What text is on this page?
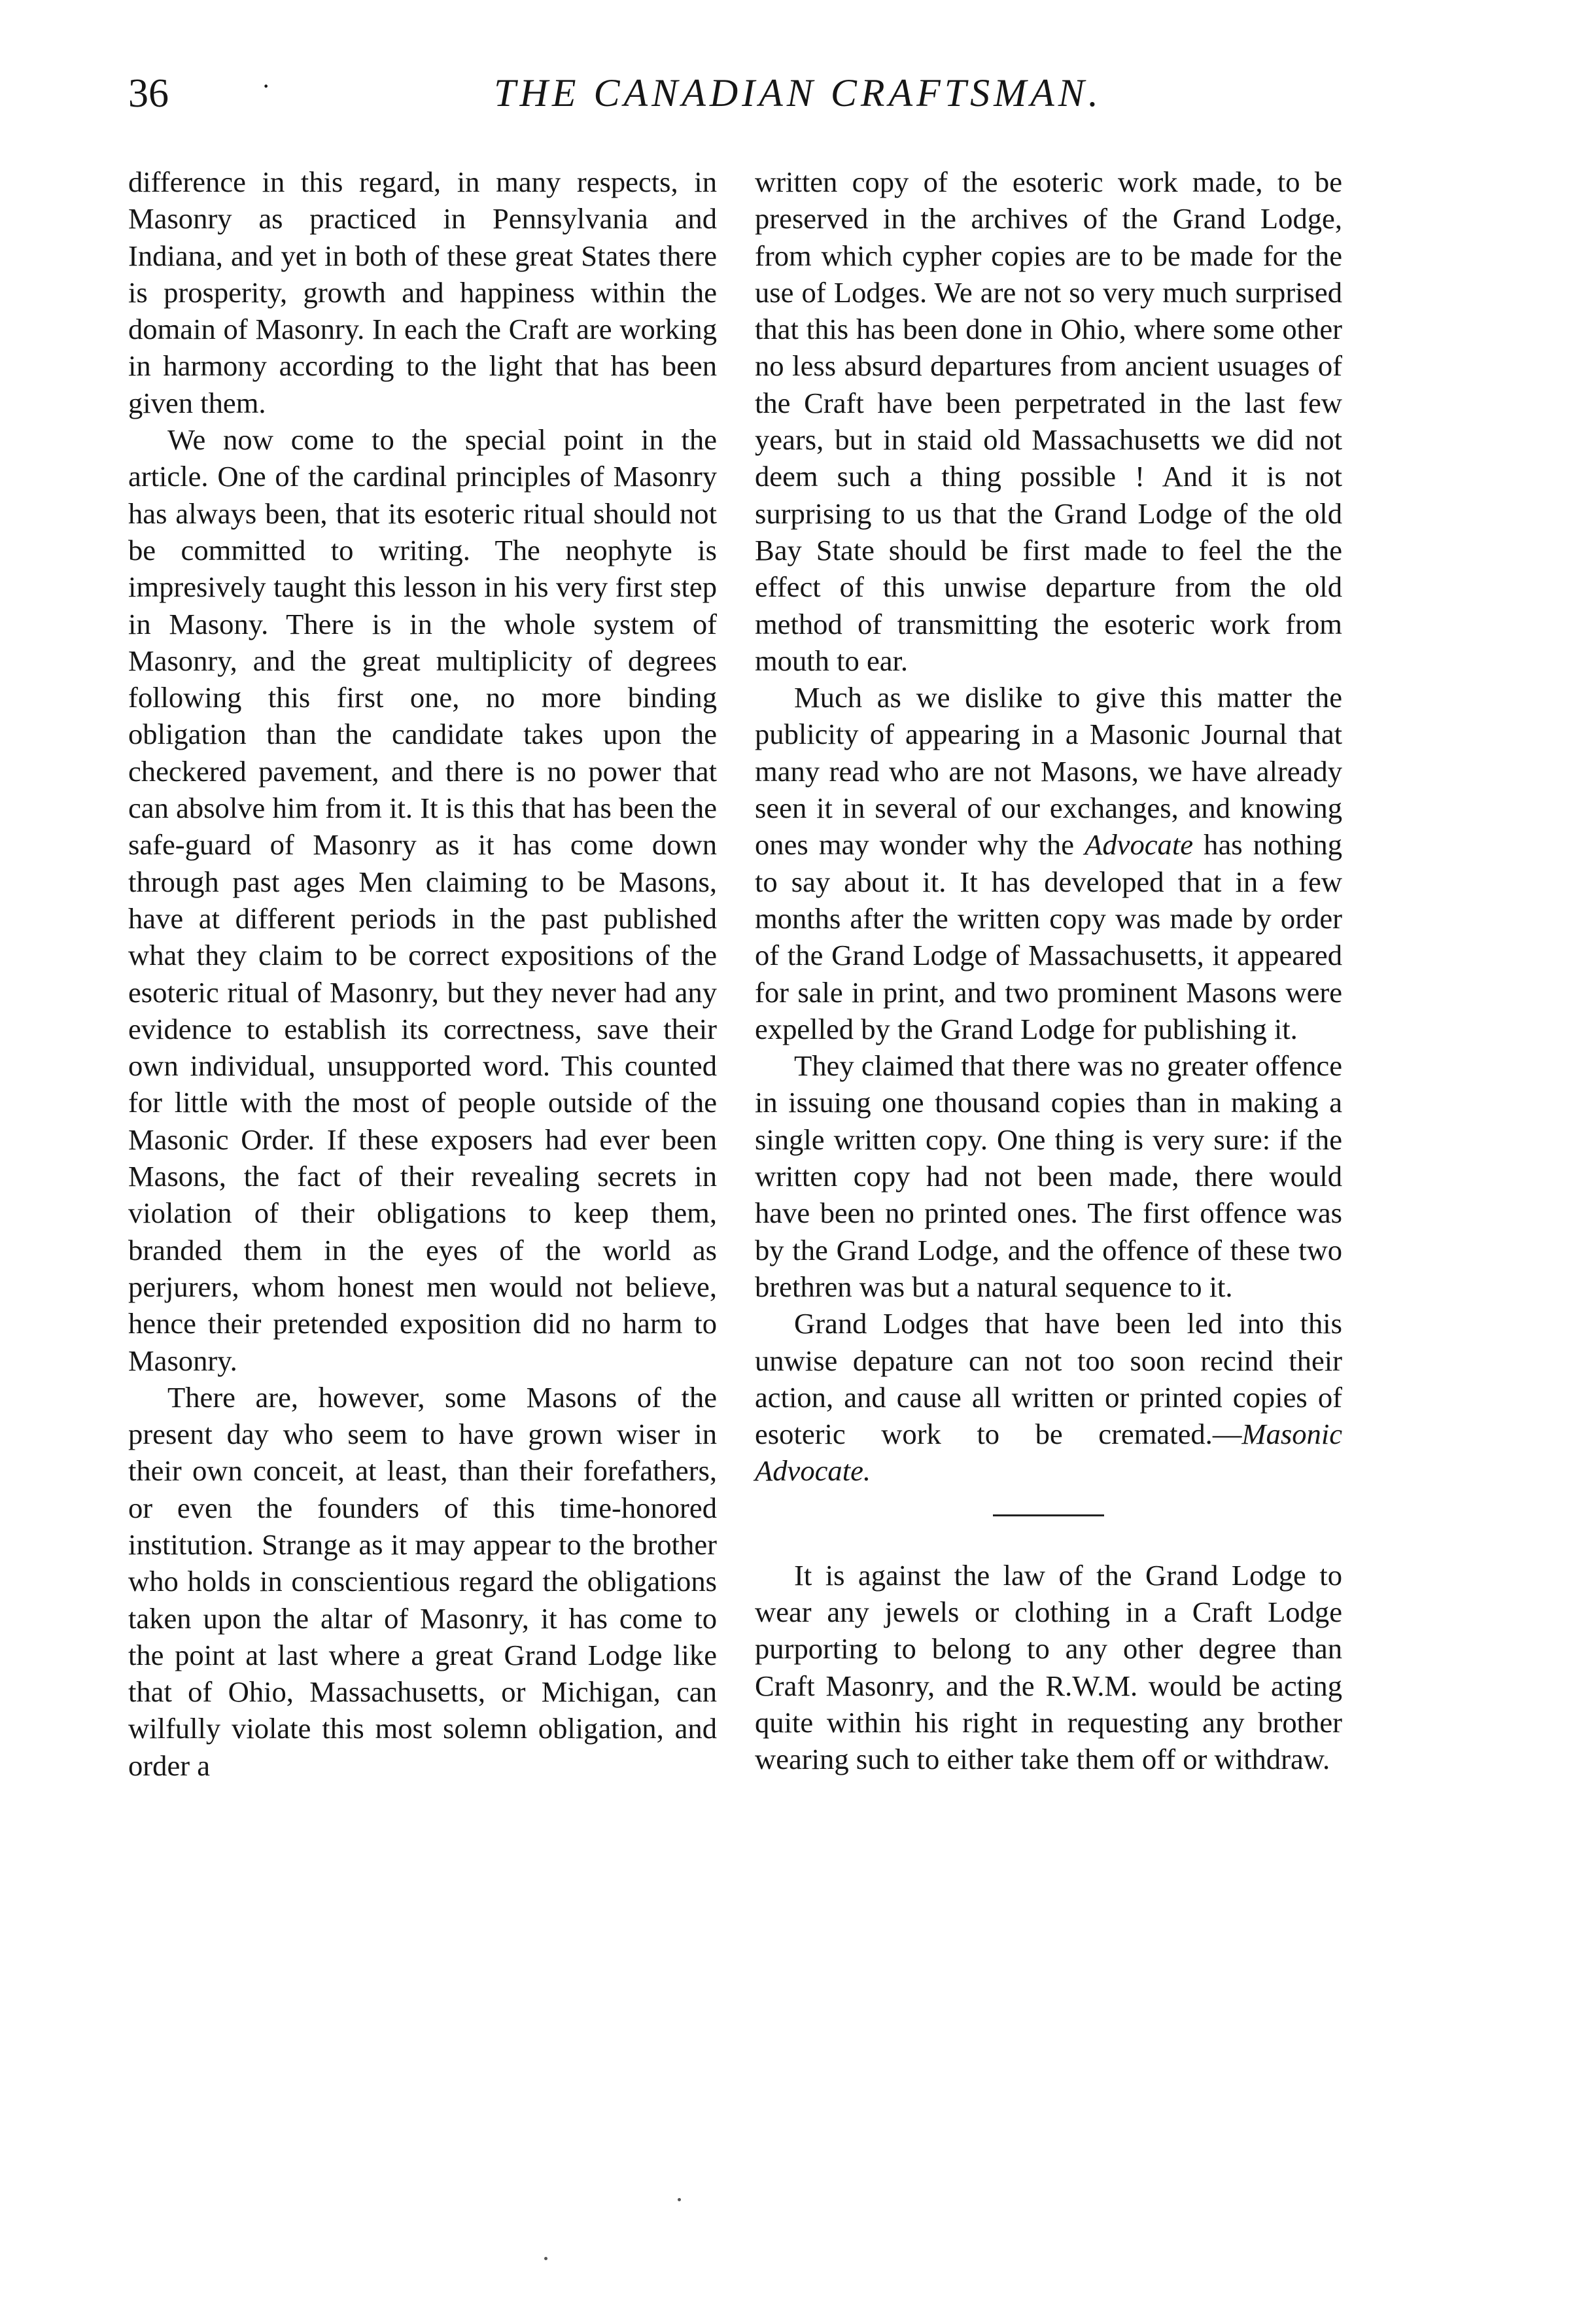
36	·	THE CANADIAN CRAFTSMAN.

difference in this regard, in many respects, in Masonry as practiced in Pennsylvania and Indiana, and yet in both of these great States there is prosperity, growth and happiness within the domain of Masonry. In each the Craft are working in harmony according to the light that has been given them.

We now come to the special point in the article. One of the cardinal principles of Masonry has always been, that its esoteric ritual should not be committed to writing. The neophyte is impresively taught this lesson in his very first step in Masony. There is in the whole system of Masonry, and the great multiplicity of degrees following this first one, no more binding obligation than the candidate takes upon the checkered pavement, and there is no power that can absolve him from it. It is this that has been the safe-guard of Masonry as it has come down through past ages Men claiming to be Masons, have at different periods in the past published what they claim to be correct expositions of the esoteric ritual of Masonry, but they never had any evidence to establish its correctness, save their own individual, unsupported word. This counted for little with the most of people outside of the Masonic Order. If these exposers had ever been Masons, the fact of their revealing secrets in violation of their obligations to keep them, branded them in the eyes of the world as perjurers, whom honest men would not believe, hence their pretended exposition did no harm to Masonry.

There are, however, some Masons of the present day who seem to have grown wiser in their own conceit, at least, than their forefathers, or even the founders of this time-honored institution. Strange as it may appear to the brother who holds in conscientious regard the obligations taken upon the altar of Masonry, it has come to the point at last where a great Grand Lodge like that of Ohio, Massachusetts, or Michigan, can wilfully violate this most solemn obligation, and order a

written copy of the esoteric work made, to be preserved in the archives of the Grand Lodge, from which cypher copies are to be made for the use of Lodges. We are not so very much surprised that this has been done in Ohio, where some other no less absurd departures from ancient usuages of the Craft have been perpetrated in the last few years, but in staid old Massachusetts we did not deem such a thing possible ! And it is not surprising to us that the Grand Lodge of the old Bay State should be first made to feel the the effect of this unwise departure from the old method of transmitting the esoteric work from mouth to ear.

Much as we dislike to give this matter the publicity of appearing in a Masonic Journal that many read who are not Masons, we have already seen it in several of our exchanges, and knowing ones may wonder why the Advocate has nothing to say about it. It has developed that in a few months after the written copy was made by order of the Grand Lodge of Massachusetts, it appeared for sale in print, and two prominent Masons were expelled by the Grand Lodge for publishing it.

They claimed that there was no greater offence in issuing one thousand copies than in making a single written copy. One thing is very sure: if the written copy had not been made, there would have been no printed ones. The first offence was by the Grand Lodge, and the offence of these two brethren was but a natural sequence to it.

Grand Lodges that have been led into this unwise depature can not too soon recind their action, and cause all written or printed copies of esoteric work to be cremated.—Masonic Advocate.

It is against the law of the Grand Lodge to wear any jewels or clothing in a Craft Lodge purporting to belong to any other degree than Craft Masonry, and the R.W.M. would be acting quite within his right in requesting any brother wearing such to either take them off or withdraw.
